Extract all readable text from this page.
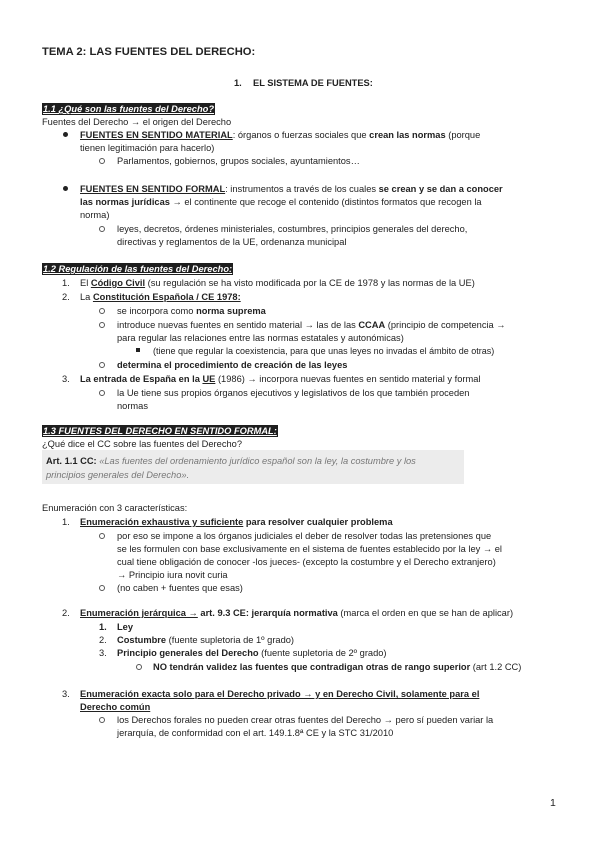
TEMA 2: LAS FUENTES DEL DERECHO:
1. EL SISTEMA DE FUENTES:
1.1 ¿Qué son las fuentes del Derecho?
Fuentes del Derecho → el origen del Derecho
FUENTES EN SENTIDO MATERIAL: órganos o fuerzas sociales que crean las normas (porque
tienen legitimación para hacerlo)
Parlamentos, gobiernos, grupos sociales, ayuntamientos…
FUENTES EN SENTIDO FORMAL: instrumentos a través de los cuales se crean y se dan a conocer
las normas jurídicas → el continente que recoge el contenido (distintos formatos que recogen la
norma)
leyes, decretos, órdenes ministeriales, costumbres, principios generales del derecho,
directivas y reglamentos de la UE, ordenanza municipal
1.2 Regulación de las fuentes del Derecho:
1. El Código Civil (su regulación se ha visto modificada por la CE de 1978 y las normas de la UE)
2. La Constitución Española / CE 1978:
se incorpora como norma suprema
introduce nuevas fuentes en sentido material → las de las CCAA (principio de competencia →
para regular las relaciones entre las normas estatales y autonómicas)
(tiene que regular la coexistencia, para que unas leyes no invadas el ámbito de otras)
determina el procedimiento de creación de las leyes
3. La entrada de España en la UE (1986) → incorpora nuevas fuentes en sentido material y formal
la Ue tiene sus propios órganos ejecutivos y legislativos de los que también proceden
normas
1.3 FUENTES DEL DERECHO EN SENTIDO FORMAL:
¿Qué dice el CC sobre las fuentes del Derecho?
Art. 1.1 CC: «Las fuentes del ordenamiento jurídico español son la ley, la costumbre y los
principios generales del Derecho».
Enumeración con 3 características:
1. Enumeración exhaustiva y suficiente para resolver cualquier problema
por eso se impone a los órganos judiciales el deber de resolver todas las pretensiones que
se les formulen con base exclusivamente en el sistema de fuentes establecido por la ley → el
cual tiene obligación de conocer -los jueces- (excepto la costumbre y el Derecho extranjero)
→ Principio iura novit curia
(no caben + fuentes que esas)
2. Enumeración jerárquica → art. 9.3 CE: jerarquía normativa (marca el orden en que se han de aplicar)
1. Ley
2. Costumbre (fuente supletoria de 1º grado)
3. Principio generales del Derecho (fuente supletoria de 2º grado)
NO tendrán validez las fuentes que contradigan otras de rango superior (art 1.2 CC)
3. Enumeración exacta solo para el Derecho privado → y en Derecho Civil, solamente para el
Derecho común
los Derechos forales no pueden crear otras fuentes del Derecho → pero sí pueden variar la
jerarquía, de conformidad con el art. 149.1.8ª CE y la STC 31/2010
1
